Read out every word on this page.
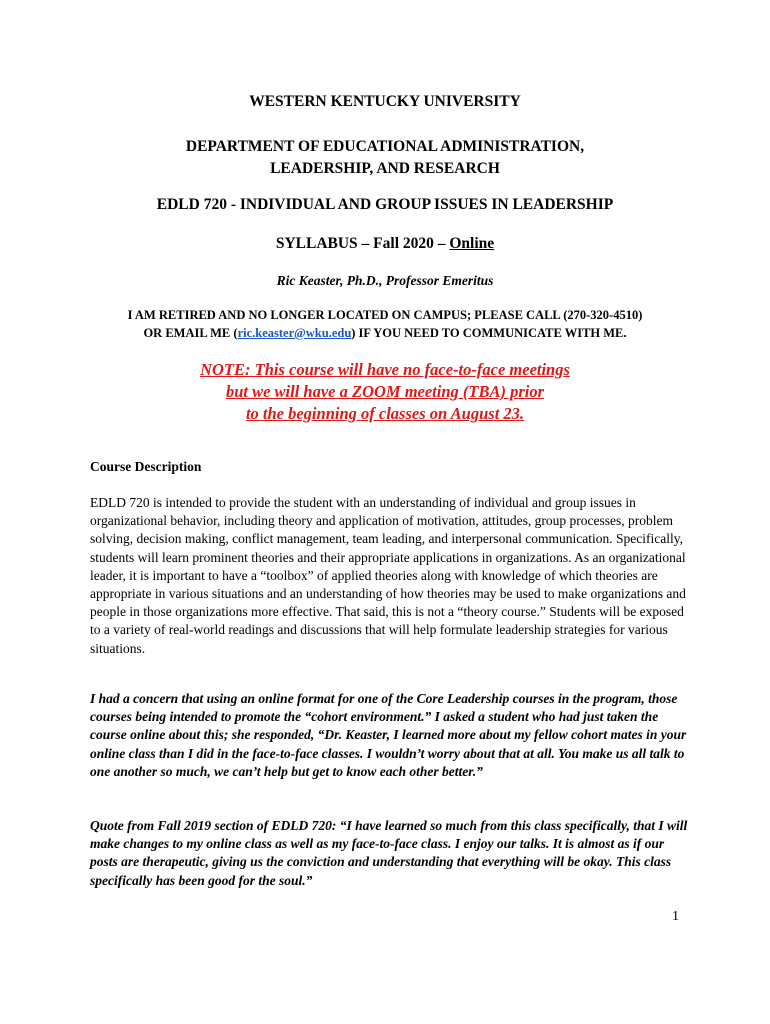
WESTERN KENTUCKY UNIVERSITY
DEPARTMENT OF EDUCATIONAL ADMINISTRATION,
LEADERSHIP, AND RESEARCH
EDLD 720 - INDIVIDUAL AND GROUP ISSUES IN LEADERSHIP
SYLLABUS – Fall 2020 – Online
Ric Keaster, Ph.D., Professor Emeritus
I AM RETIRED AND NO LONGER LOCATED ON CAMPUS; PLEASE CALL (270-320-4510)
OR EMAIL ME (ric.keaster@wku.edu) IF YOU NEED TO COMMUNICATE WITH ME.
NOTE: This course will have no face-to-face meetings
but we will have a ZOOM meeting (TBA) prior
to the beginning of classes on August 23.
Course Description
EDLD 720 is intended to provide the student with an understanding of individual and group issues in organizational behavior, including theory and application of motivation, attitudes, group processes, problem solving, decision making, conflict management, team leading, and interpersonal communication. Specifically, students will learn prominent theories and their appropriate applications in organizations. As an organizational leader, it is important to have a “toolbox” of applied theories along with knowledge of which theories are appropriate in various situations and an understanding of how theories may be used to make organizations and people in those organizations more effective. That said, this is not a “theory course.” Students will be exposed to a variety of real-world readings and discussions that will help formulate leadership strategies for various situations.
I had a concern that using an online format for one of the Core Leadership courses in the program, those courses being intended to promote the “cohort environment.” I asked a student who had just taken the course online about this; she responded, “Dr. Keaster, I learned more about my fellow cohort mates in your online class than I did in the face-to-face classes. I wouldn’t worry about that at all. You make us all talk to one another so much, we can’t help but get to know each other better.”
Quote from Fall 2019 section of EDLD 720: “I have learned so much from this class specifically, that I will make changes to my online class as well as my face-to-face class. I enjoy our talks. It is almost as if our posts are therapeutic, giving us the conviction and understanding that everything will be okay. This class specifically has been good for the soul.”
1
